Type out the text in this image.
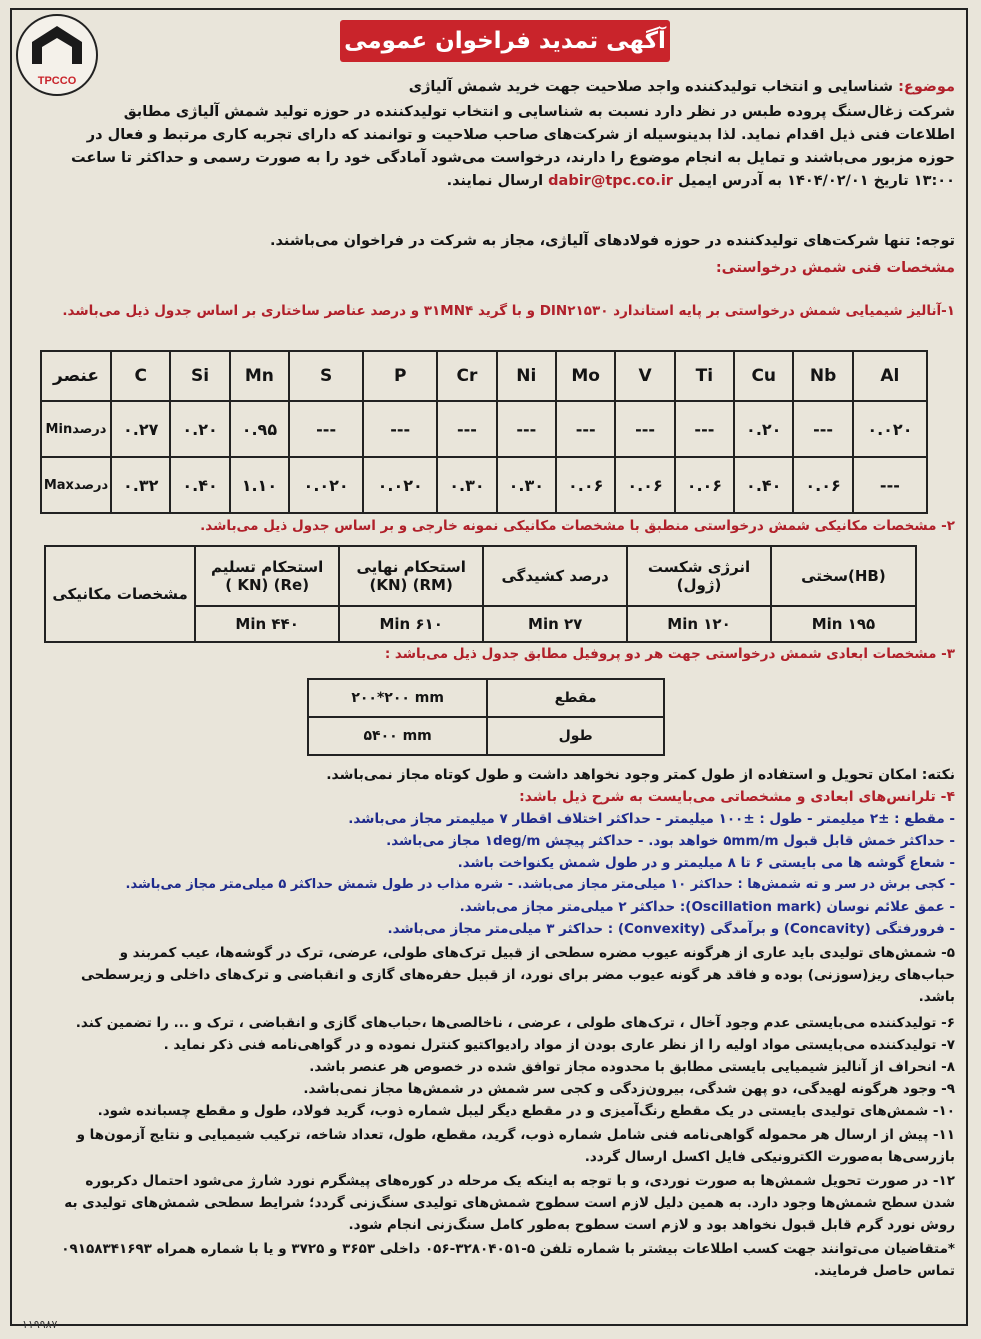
TPCCO
آگهی تمدید فراخوان عمومی
موضوع: شناسایی و انتخاب تولیدکننده واجد صلاحیت جهت خرید شمش آلیاژی
شرکت زغال‌سنگ پروده طبس در نظر دارد نسبت به شناسایی و انتخاب تولیدکننده در حوزه تولید شمش آلیاژی مطابق
اطلاعات فنی ذیل اقدام نماید. لذا بدینوسیله از شرکت‌های صاحب صلاحیت و توانمند که دارای تجربه کاری مرتبط و فعال در
حوزه مزبور می‌باشند و تمایل به انجام موضوع را دارند، درخواست می‌شود آمادگی خود را به صورت رسمی و حداکثر تا ساعت
۱۳:۰۰ تاریخ ۱۴۰۴/۰۲/۰۱ به آدرس ایمیل dabir@tpc.co.ir ارسال نمایند.
توجه: تنها شرکت‌های تولیدکننده در حوزه فولادهای آلیاژی، مجاز به شرکت در فراخوان می‌باشند.
مشخصات فنی شمش درخواستی:
۱-آنالیز شیمیایی شمش درخواستی بر پایه استاندارد DIN۲۱۵۳۰ و با گرید ۳۱MN۴ و درصد عناصر ساختاری بر اساس جدول ذیل می‌باشد.
عنصر	C	Si	Mn	S	P	Cr	Ni	Mo	V	Ti	Cu	Nb	Al
Minدرصد	۰.۲۷	۰.۲۰	۰.۹۵	---	---	---	---	---	---	---	۰.۲۰	---	۰.۰۲۰
Maxدرصد	۰.۳۲	۰.۴۰	۱.۱۰	۰.۰۲۰	۰.۰۲۰	۰.۳۰	۰.۳۰	۰.۰۶	۰.۰۶	۰.۰۶	۰.۴۰	۰.۰۶	---
۲- مشخصات مکانیکی شمش درخواستی منطبق با مشخصات مکانیکی نمونه خارجی و بر اساس جدول ذیل می‌باشد.
مشخصات مکانیکی	استحکام تسلیم (Re) (KN )	استحکام نهایی (RM) (KN)	درصد کشیدگی	انرژی شکست (ژول)	سختی(HB)
	Min ۴۴۰	Min ۶۱۰	Min ۲۷	Min ۱۲۰	Min ۱۹۵
۳- مشخصات ابعادی شمش درخواستی جهت هر دو پروفیل مطابق جدول ذیل می‌باشد :
۲۰۰*۲۰۰ mm	مقطع
۵۴۰۰ mm	طول
نکته: امکان تحویل و استفاده از طول کمتر وجود نخواهد داشت و طول کوتاه مجاز نمی‌باشد.
۴- تلرانس‌های ابعادی و مشخصاتی می‌بایست به شرح ذیل باشد:
- مقطع : ±۲ میلیمتر - طول : ±۱۰۰ میلیمتر - حداکثر اختلاف اقطار ۷ میلیمتر مجاز می‌باشد.
- حداکثر خمش قابل قبول ۵mm/m خواهد بود. - حداکثر پیچش ۱deg/m مجاز می‌باشد.
- شعاع گوشه ها می بایستی ۶ تا ۸ میلیمتر و در طول شمش یکنواخت باشد.
- کجی برش در سر و ته شمش‌ها : حداکثر ۱۰ میلی‌متر مجاز می‌باشد. - شره مذاب در طول شمش حداکثر ۵ میلی‌متر مجاز می‌باشد.
- عمق علائم نوسان (Oscillation mark): حداکثر ۲ میلی‌متر مجاز می‌باشد.
- فرورفتگی (Concavity) و برآمدگی (Convexity) : حداکثر ۳ میلی‌متر مجاز می‌باشد.
۵- شمش‌های تولیدی باید عاری از هرگونه عیوب مضره سطحی از قبیل ترک‌های طولی، عرضی، ترک در گوشه‌ها، عیب کمربند و حباب‌های ریز(سوزنی) بوده و فاقد هر گونه عیوب مضر برای نورد، از قبیل حفره‌های گازی و انقباضی و ترک‌های داخلی و زیرسطحی باشد.
۶- تولیدکننده می‌بایستی عدم وجود آخال ، ترک‌های طولی ، عرضی ، ناخالصی‌ها ،حباب‌های گازی و انقباضی ، ترک و ... را تضمین کند.
۷- تولیدکننده می‌بایستی مواد اولیه را از نظر عاری بودن از مواد رادیواکتیو کنترل نموده و در گواهی‌نامه فنی ذکر نماید .
۸- انحراف از آنالیز شیمیایی بایستی مطابق با محدوده مجاز توافق شده در خصوص هر عنصر باشد.
۹- وجود هرگونه لهیدگی، دو پهن شدگی، بیرون‌زدگی و کجی سر شمش در شمش‌ها مجاز نمی‌باشد.
۱۰- شمش‌های تولیدی بایستی در یک مقطع رنگ‌آمیزی و در مقطع دیگر لیبل شماره ذوب، گرید فولاد، طول و مقطع چسبانده شود.
۱۱- پیش از ارسال هر محموله گواهی‌نامه فنی شامل شماره ذوب، گرید، مقطع، طول، تعداد شاخه، ترکیب شیمیایی و نتایج آزمون‌ها و بازرسی‌ها به‌صورت الکترونیکی فایل اکسل ارسال گردد.
۱۲- در صورت تحویل شمش‌ها به صورت نوردی، و با توجه به اینکه یک مرحله در کوره‌های پیشگرم نورد شارژ می‌شود احتمال دکربوره شدن سطح شمش‌ها وجود دارد. به همین دلیل لازم است سطوح شمش‌های تولیدی سنگ‌زنی گردد؛ شرایط سطحی شمش‌های تولیدی به روش نورد گرم قابل قبول نخواهد بود و لازم است سطوح به‌طور کامل سنگ‌زنی انجام شود.
*متقاضیان می‌توانند جهت کسب اطلاعات بیشتر با شماره تلفن ۵-۳۲۸۰۴۰۵۱-۰۵۶ داخلی ۳۶۵۳ و ۳۷۲۵ و یا با شماره همراه ۰۹۱۵۸۳۴۱۶۹۳ تماس حاصل فرمایند.
۱۱۹۹۸۷
